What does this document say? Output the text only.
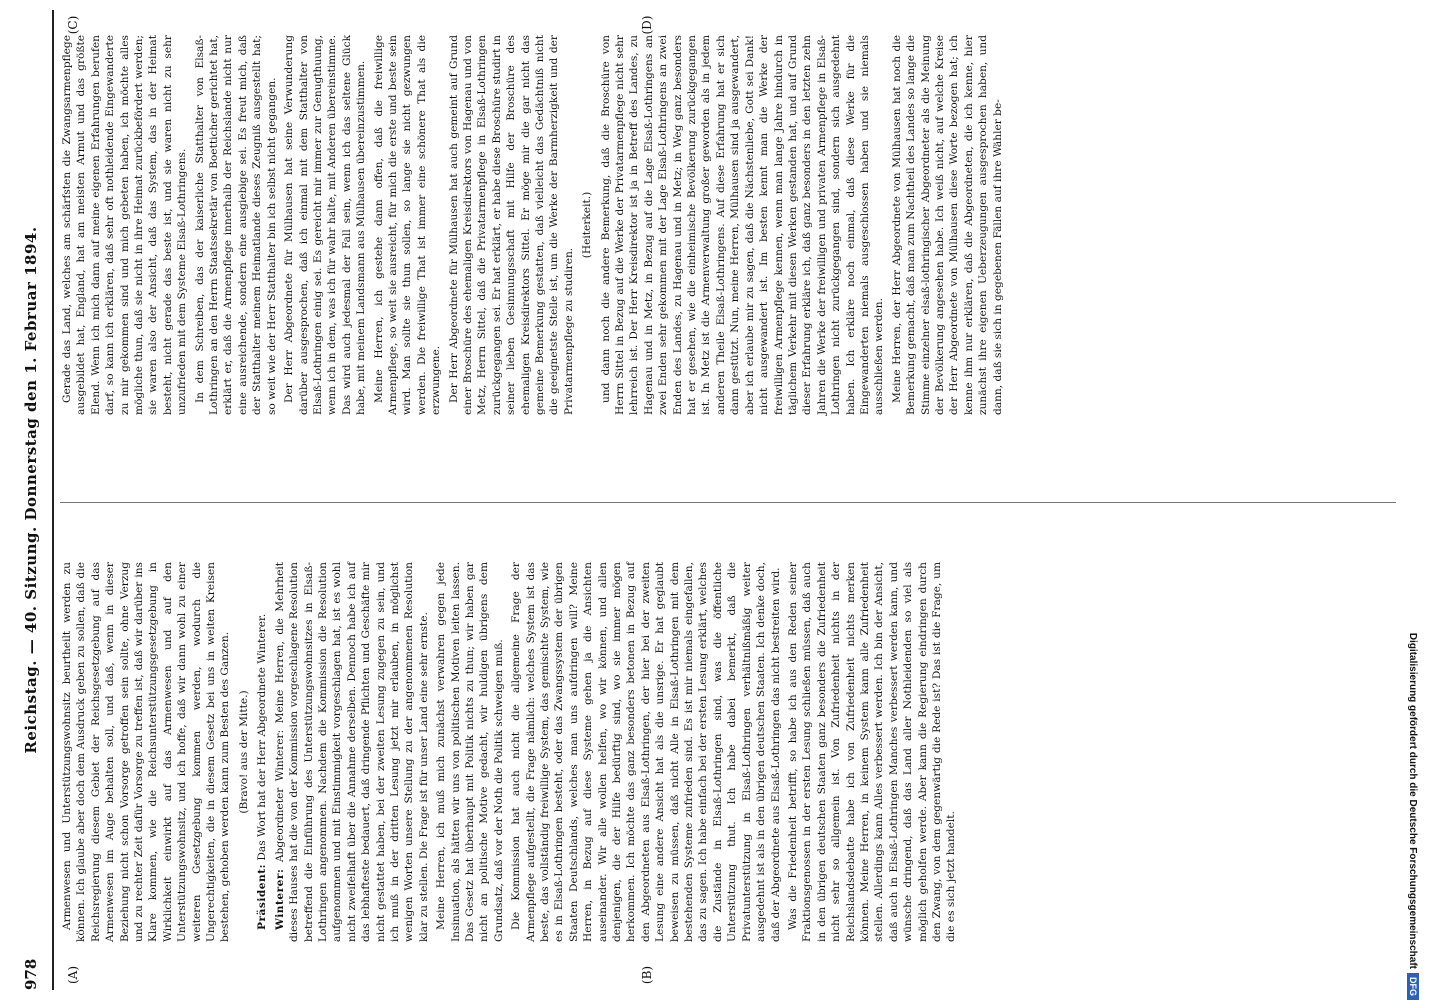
978
Reichstag. — 40. Sitzung. Donnerstag den 1. Februar 1894.
(A)	(B)
(C)	(D)

Armenwesen und Unterstützungswohnsitz beurtheilt werden zu können. Ich glaube aber doch dem Ausdruck geben zu sollen, daß die Reichsregierung diesem Gebiet der Reichsgesetzgebung auf das Armenwesen im Auge behalten soll, und daß, wenn in dieser Beziehung nicht schon Vorsorge getroffen sein sollte, ohne Verzug und zu rechter Zeit dafür Vorsorge zu treffen ist, daß wir darüber ins Klare kommen, wie die Reichsunterstützungsgesetzgebung in Wirklichkeit einwirkt auf das Armenwesen und auf den Unterstützungswohnsitz, und ich hoffe, daß wir dann wohl zu einer weiteren Gesetzgebung kommen werden, wodurch die Ungerechtigkeiten, die in diesem Gesetz bei uns in weiten Kreisen bestehen, gehoben werden kann zum Besten des Ganzen. (Bravo! aus der Mitte.)

Präsident: Das Wort hat der Herr Abgeordnete Winterer.

Winterer: Abgeordneter Winterer: Meine Herren, die Mehrheit dieses Hauses hat die von der Kommission vorgeschlagene Resolution betreffend die Einführung des Unterstützungswohnsitzes in Elsaß-Lothringen angenommen. Nachdem die Kommission die Resolution aufgenommen und mit Einstimmigkeit vorgeschlagen hat, ist es wohl nicht zweifelhaft über die Annahme derselben. Dennoch habe ich auf das lebhafteste bedauert, daß dringende Pflichten und Geschäfte mir nicht gestattet haben, bei der zweiten Lesung zugegen zu sein, und ich muß in der dritten Lesung jetzt mir erlauben, in möglichst wenigen Worten unsere Stellung zu der angenommenen Resolution klar zu stellen. Die Frage ist für unser Land eine sehr ernste. Meine Herren, ich muß mich zunächst verwahren gegen jede Insinuation, als hätten wir uns von politischen Motiven leiten lassen. Das Gesetz hat überhaupt mit Politik nichts zu thun; wir haben gar nicht an politische Motive gedacht, wir huldigen übrigens dem Grundsatz, daß vor der Noth die Politik schweigen muß. Die Kommission hat auch nicht die allgemeine Frage der Armenpflege aufgestellt, die Frage nämlich: welches System ist das beste, das vollständig freiwillige System, das gemischte System, wie es in Elsaß-Lothringen besteht, oder das Zwangssystem der übrigen Staaten Deutschlands, welches man uns aufdringen will? Meine Herren, in Bezug auf diese Systeme gehen ja die Ansichten auseinander. Wir alle wollen helfen, wo wir können, und allen denjenigen, die der Hilfe bedürftig sind, wo sie immer mögen herkommen. Ich möchte das ganz besonders betonen in Bezug auf den Abgeordneten aus Elsaß-Lothringen, der hier bei der zweiten Lesung eine andere Ansicht hat als die unsrige. Er hat geglaubt beweisen zu müssen, daß nicht Alle in Elsaß-Lothringen mit dem bestehenden Systeme zufrieden sind. Es ist mir niemals eingefallen, das zu sagen. Ich habe einfach bei der ersten Lesung erklärt, welches die Zustände in Elsaß-Lothringen sind, was die öffentliche Unterstützung thut. Ich habe dabei bemerkt, daß die Privatunterstützung in Elsaß-Lothringen verhältnißmäßig weiter ausgedehnt ist als in den übrigen deutschen Staaten. Ich denke doch, daß der Abgeordnete aus Elsaß-Lothringen das nicht bestreiten wird. Was die Friedenheit betrifft, so habe ich aus den Reden seiner Fraktionsgenossen in der ersten Lesung schließen müssen, daß auch in den übrigen deutschen Staaten ganz besonders die Zufriedenheit nicht sehr so allgemein ist. Von Zufriedenheit nichts in der Reichslandsdebatte habe ich von Zufriedenheit nichts merken können. Meine Herren, in keinem System kann alle Zufriedenheit stellen. Allerdings kann Alles verbessert werden. Ich bin der Ansicht, daß auch in Elsaß-Lothringen Manches verbessert werden kann, und wünsche dringend, daß das Land aller Nothleidenden so viel als möglich geholfen werde. Aber kann die Regierung eindringen durch den Zwang, von dem gegenwärtig die Rede ist? Das ist die Frage, um die es sich jetzt handelt.

Gerade das Land, welches am schärfsten die Zwangsarmenpflege ausgebildet hat, England, hat am meisten Armut und das größte Elend. Wenn ich mich dann auf meine eigenen Erfahrungen berufen darf, so kann ich erklären, daß sehr oft nothleidende Eingewanderte zu mir gekommen sind und mich gebeten haben, ich möchte alles mögliche thun, daß sie nicht in ihre Heimat zurückbefördert werden; sie waren also der Ansicht, daß das System, das in der Heimat besteht, nicht gerade das beste ist, und sie waren nicht zu sehr unzufrieden mit dem Systeme Elsaß-Lothringens. In dem Schreiben, das der kaiserliche Statthalter von Elsaß-Lothringen an den Herrn Staatssekretär von Boetticher gerichtet hat, erklärt er, daß die Armenpflege innerhalb der Reichslande nicht nur eine ausreichende, sondern eine ausgiebige sei. Es freut mich, daß der Statthalter meinem Heimatlande dieses Zeugniß ausgestellt hat; so weit wie der Herr Statthalter bin ich selbst nicht gegangen. Der Herr Abgeordnete für Mülhausen hat seine Verwunderung darüber ausgesprochen, daß ich einmal mit dem Statthalter von Elsaß-Lothringen einig sei. Es gereicht mir immer zur Genugthuung, wenn ich in dem, was ich für wahr halte, mit Anderen übereinstimme. Das wird auch jedesmal der Fall sein, wenn ich das seltene Glück habe, mit meinem Landsmann aus Mülhausen übereinzustimmen. Meine Herren, ich gestehe dann offen, daß die freiwillige Armenpflege, so weit sie ausreicht, für mich die erste und beste sein wird. Man sollte sie thun sollen, so lange sie nicht gezwungen werden. Die freiwillige That ist immer eine schönere That als die erzwungene. Der Herr Abgeordnete für Mülhausen hat auch gemeint auf Grund einer Broschüre des ehemaligen Kreisdirektors von Hagenau und von Metz, Herrn Sittel, daß die Privatarmenpflege in Elsaß-Lothringen zurückgegangen sei. Er hat erklärt, er habe diese Broschüre studirt in seiner lieben Gesinnungsschaft mit Hilfe der Broschüre des ehemaligen Kreisdirektors Sittel. Er möge mir die gar nicht das gemeine Bemerkung gestatten, daß vielleicht das Gedächtniß nicht die geeignetste Stelle ist, um die Werke der Barmherzigkeit und der Privatarmenpflege zu studiren.

(Heiterkeit.) und dann noch die andere Bemerkung, daß die Broschüre von Herrn Sittel in Bezug auf die Werke der Privatarmenpflege nicht sehr lehrreich ist. Der Herr Kreisdirektor ist ja in Betreff des Landes, zu Hagenau und in Metz, in Bezug auf die Lage Elsaß-Lothringens an zwei Enden sehr gekommen mit der Lage Elsaß-Lothringens an zwei Enden des Landes, zu Hagenau und in Metz; in Weg ganz besonders hat er gesehen, wie die einheimische Bevölkerung zurückgegangen ist. In Metz ist die Armenverwaltung großer geworden als in jedem anderen Theile Elsaß-Lothringens. Auf diese Erfahrung hat er sich dann gestützt. Nun, meine Herren, Mülhausen sind ja ausgewandert, aber ich erlaube mir zu sagen, daß die Nächstenliebe, Gott sei Dank! nicht ausgewandert ist. Im besten kennt man die Werke der freiwilligen Armenpflege kennen, wenn man lange Jahre hindurch in täglichem Verkehr mit diesen Werken gestanden hat, und auf Grund dieser Erfahrung erkläre ich, daß ganz besonders in den letzten zehn Jahren die Werke der freiwilligen und privaten Armenpflege in Elsaß-Lothringen nicht zurückgegangen sind, sondern sich ausgedehnt haben. Ich erkläre noch einmal, daß diese Werke für die Eingewanderten niemals ausgeschlossen haben und sie niemals ausschließen werden. Meine Herren, der Herr Abgeordnete von Mülhausen hat noch die Bemerkung gemacht, daß man zum Nachtheil des Landes so lange die Stimme einzelner elsaß-lothringischer Abgeordneter als die Meinung der Bevölkerung angesehen habe. Ich weiß nicht, auf welche Kreise der Herr Abgeordnete von Mülhausen diese Worte bezogen hat; ich kenne ihm nur erklären, daß die Abgeordneten, die ich kenne, hier zunächst ihre eigenen Ueberzeugungen ausgesprochen haben, und dann, daß sie sich in gegebenen Fällen auf ihre Wähler be-

Digitalisierung gefördert durch die Deutsche Forschungsgemeinschaft
DFG
